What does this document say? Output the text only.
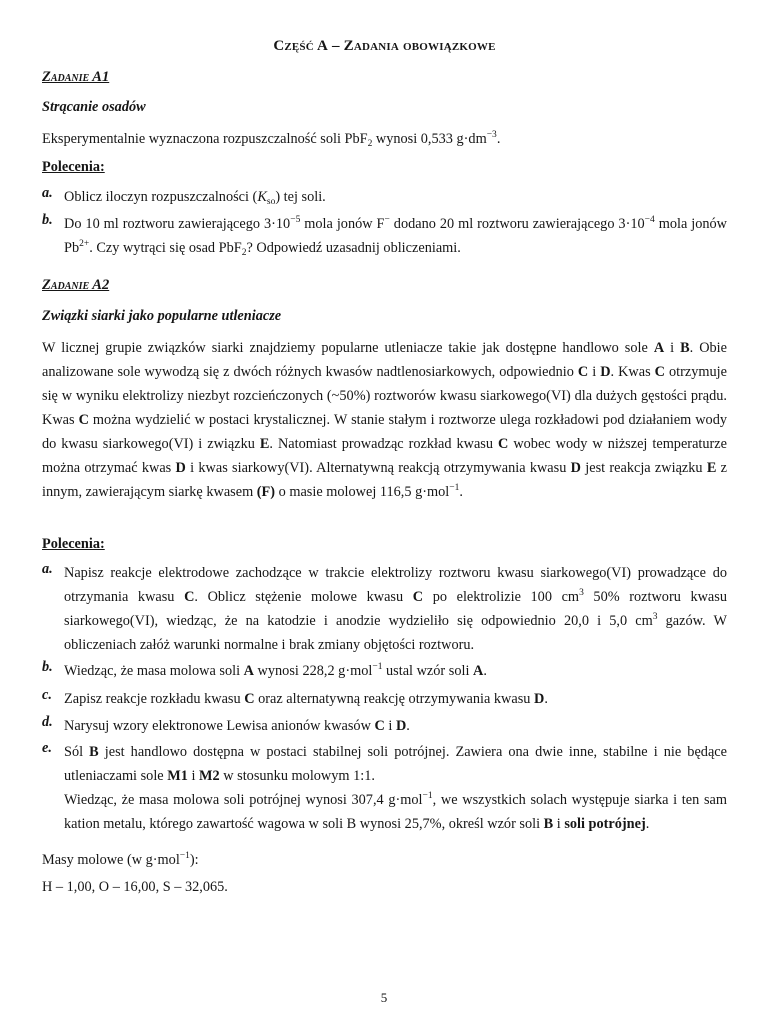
Część A – Zadania obowiązkowe
Zadanie A1
Strącanie osadów
Eksperymentalnie wyznaczona rozpuszczalność soli PbF$_2$ wynosi 0,533 $g\cdot dm^{-3}$.
Polecenia:
a. Oblicz iloczyn rozpuszczalności $(K_{so})$ tej soli.
b. Do 10 ml roztworu zawierającego $3\cdot 10^{-5}$ mola jonów F− dodano 20 ml roztworu zawierającego $3\cdot 10^{-4}$ mola jonów $Pb^{2+}$. Czy wytrąci się osad PbF$_2$? Odpowiedź uzasadnij obliczeniami.
Zadanie A2
Związki siarki jako popularne utleniacze
W licznej grupie związków siarki znajdziemy popularne utleniacze takie jak dostępne handlowo sole A i B. Obie analizowane sole wywodzą się z dwóch różnych kwasów nadtlenosiarkowych, odpowiednio C i D. Kwas C otrzymuje się w wyniku elektrolizy niezbyt rozcieńczonych (~50%) roztworów kwasu siarkowego(VI) dla dużych gęstości prądu. Kwas C można wydzielić w postaci krystalicznej. W stanie stałym i roztworze ulega rozkładowi pod działaniem wody do kwasu siarkowego(VI) i związku E. Natomiast prowadząc rozkład kwasu C wobec wody w niższej temperaturze można otrzymać kwas D i kwas siarkowy(VI). Alternatywną reakcją otrzymywania kwasu D jest reakcja związku E z innym, zawierającym siarkę kwasem (F) o masie molowej 116,5 g·mol$^{-1}$.
Polecenia:
a. Napisz reakcje elektrodowe zachodzące w trakcie elektrolizy roztworu kwasu siarkowego(VI) prowadzące do otrzymania kwasu C. Oblicz stężenie molowe kwasu C po elektrolizie 100 $cm^3$ 50% roztworu kwasu siarkowego(VI), wiedząc, że na katodzie i anodzie wydzieliło się odpowiednio 20,0 i 5,0 $cm^3$ gazów. W obliczeniach załóż warunki normalne i brak zmiany objętości roztworu.
b. Wiedząc, że masa molowa soli A wynosi 228,2 g·mol$^{-1}$ ustal wzór soli A.
c. Zapisz reakcje rozkładu kwasu C oraz alternatywną reakcję otrzymywania kwasu D.
d. Narysuj wzory elektronowe Lewisa anionów kwasów C i D.
e. Sól B jest handlowo dostępna w postaci stabilnej soli potrójnej. Zawiera ona dwie inne, stabilne i nie będące utleniaczami sole M1 i M2 w stosunku molowym 1:1.
Wiedząc, że masa molowa soli potrójnej wynosi 307,4 g·mol$^{-1}$, we wszystkich solach występuje siarka i ten sam kation metalu, którego zawartość wagowa w soli B wynosi 25,7%, określ wzór soli B i soli potrójnej.
Masy molowe (w g·mol$^{-1}$):
H – 1,00, O – 16,00, S – 32,065.
5
